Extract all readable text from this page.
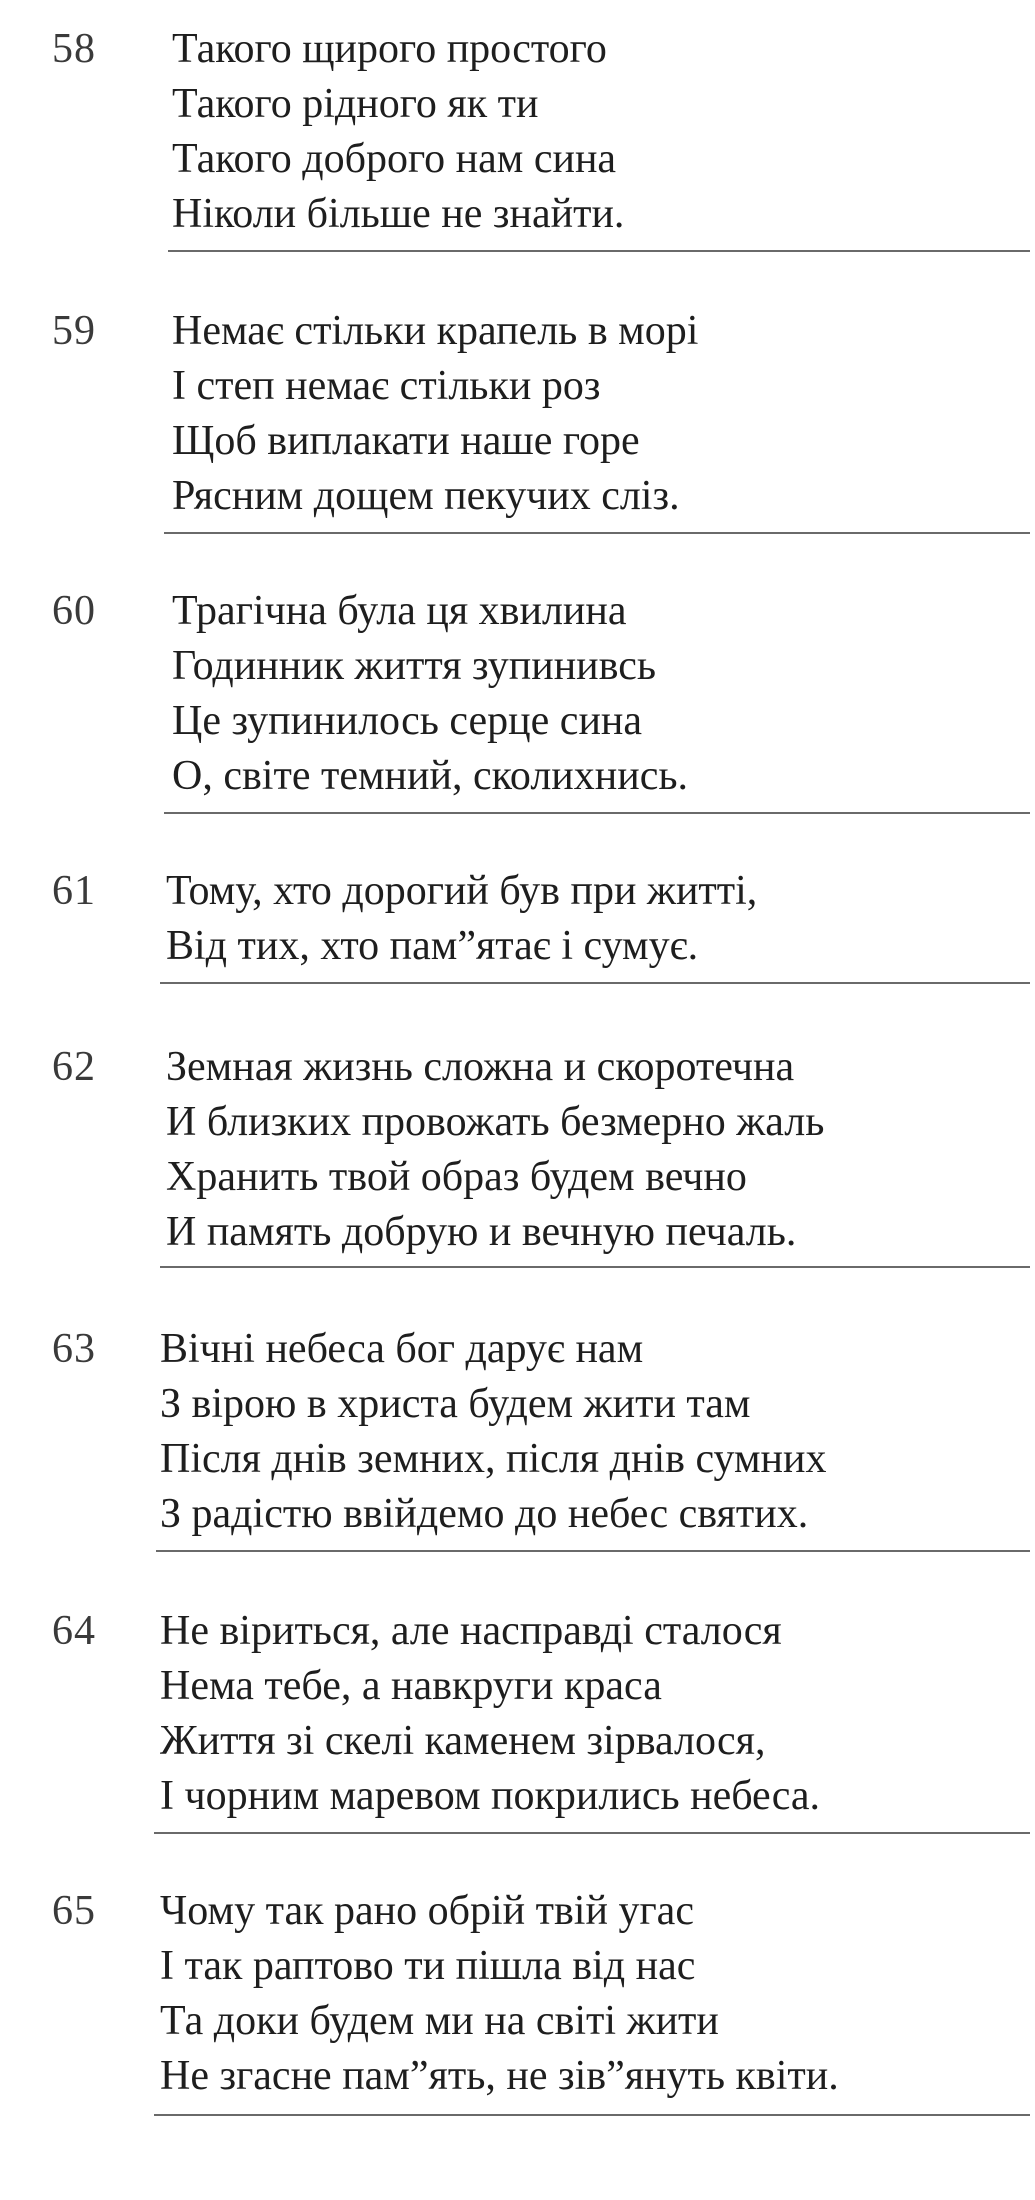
58 Такого щирого простого
Такого рідного як ти
Такого доброго нам сина
Ніколи більше не знайти.
59 Немає стільки крапель в морі
І степ немає стільки роз
Щоб виплакати наше горе
Рясним дощем пекучих сліз.
60 Трагічна була ця хвилина
Годинник життя зупинивсь
Це зупинилось серце сина
О, світе темний, сколихнись.
61 Тому, хто дорогий був при житті,
Від тих, хто пам”ятає і сумує.
62 Земная жизнь сложна и скоротечна
И близких провожать безмерно жаль
Хранить твой образ будем вечно
И память добрую и вечную печаль.
63 Вічні небеса бог дарує нам
З вірою в христа будем жити там
Після днів земних, після днів сумних
З радістю ввійдемо до небес святих.
64 Не віриться, але насправді сталося
Нема тебе, а навкруги краса
Життя зі скелі каменем зірвалося,
І чорним маревом покрились небеса.
65 Чому так рано обрій твій угас
І так раптово ти пішла від нас
Та доки будем ми на світі жити
Не згасне пам”ять, не зів”януть квіти.
